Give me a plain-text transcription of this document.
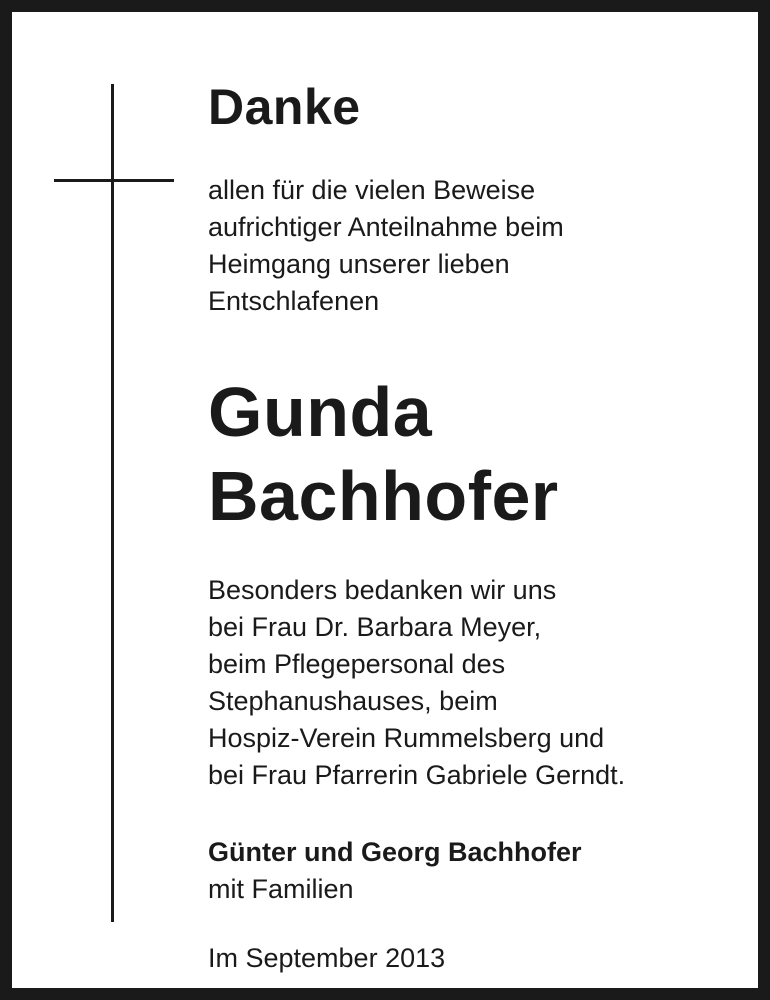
Danke

allen für die vielen Beweise
aufrichtiger Anteilnahme beim
Heimgang unserer lieben
Entschlafenen

Gunda
Bachhofer

Besonders bedanken wir uns
bei Frau Dr. Barbara Meyer,
beim Pflegepersonal des
Stephanushauses, beim
Hospiz-Verein Rummelsberg und
bei Frau Pfarrerin Gabriele Gerndt.

Günter und Georg Bachhofer

mit Familien

Im September 2013
